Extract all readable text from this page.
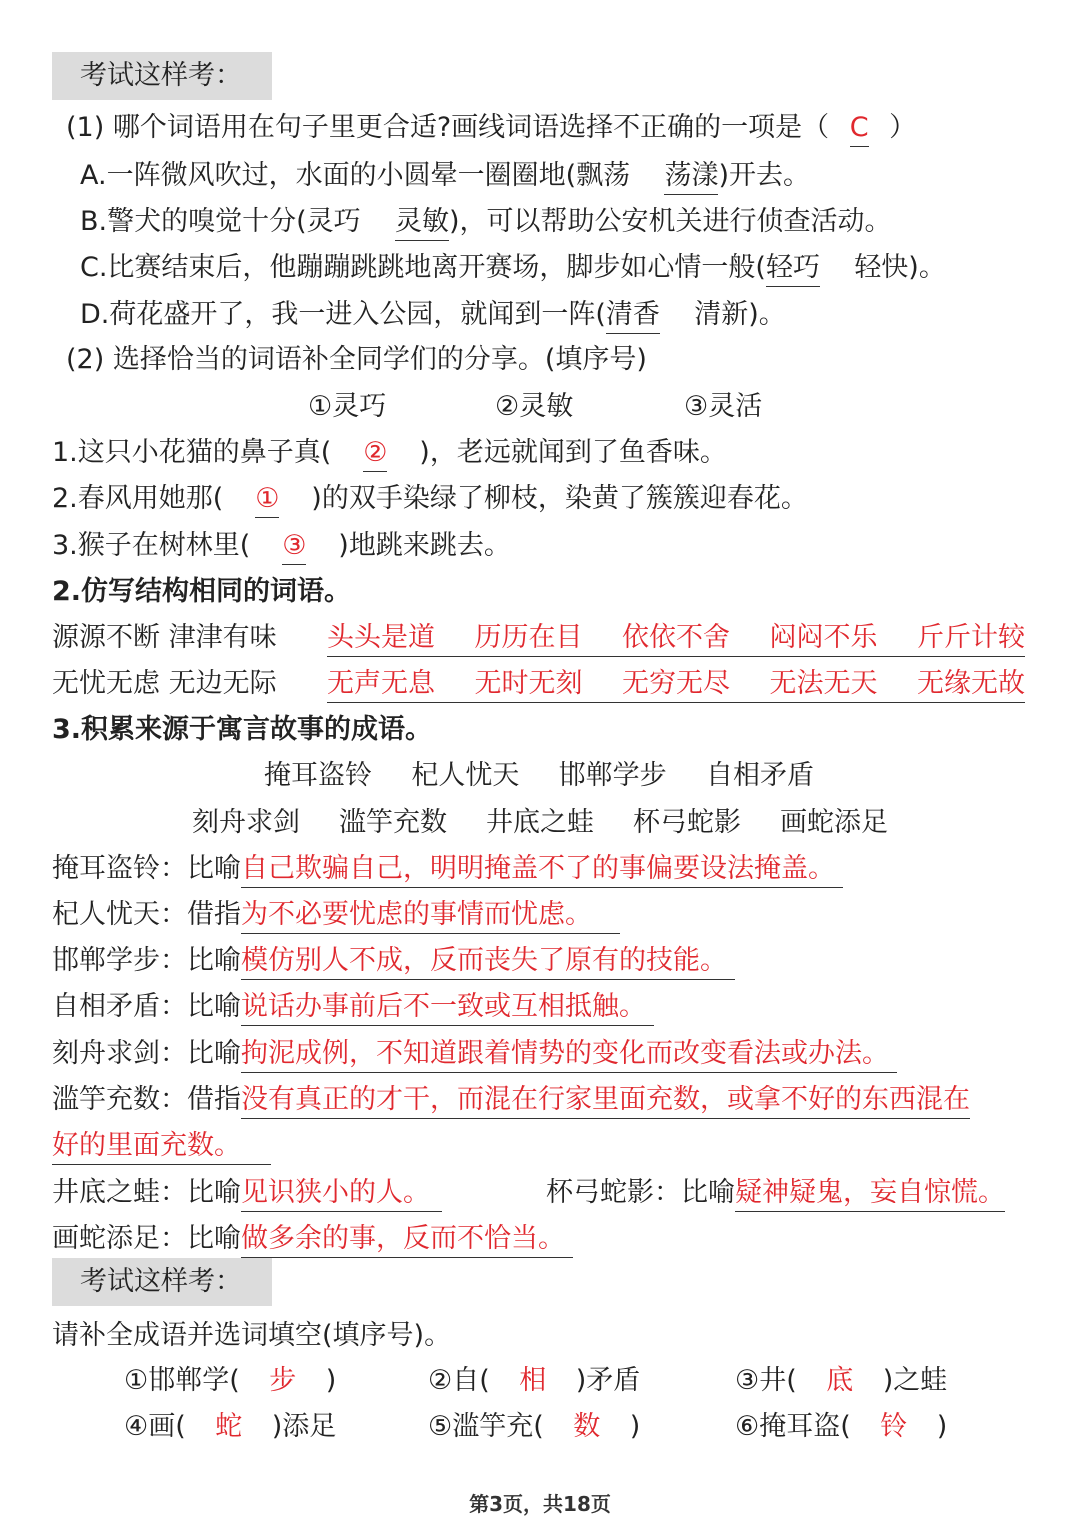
考试这样考：
(1) 哪个词语用在句子里更合适?画线词语选择不正确的一项是（ C ）
A.一阵微风吹过，水面的小圆晕一圈圈地(飘荡 荡漾)开去。
B.警犬的嗅觉十分(灵巧 灵敏)，可以帮助公安机关进行侦查活动。
C.比赛结束后，他蹦蹦跳跳地离开赛场，脚步如心情一般(轻巧 轻快)。
D.荷花盛开了，我一进入公园，就闻到一阵(清香 清新)。
(2) 选择恰当的词语补全同学们的分享。(填序号)
①灵巧	②灵敏	③灵活
1.这只小花猫的鼻子真( ② )，老远就闻到了鱼香味。
2.春风用她那( ① )的双手染绿了柳枝，染黄了簇簇迎春花。
3.猴子在树林里( ③ )地跳来跳去。
2.仿写结构相同的词语。
源源不断 津津有味 头头是道 历历在目 依依不舍 闷闷不乐 斤斤计较
无忧无虑 无边无际 无声无息 无时无刻 无穷无尽 无法无天 无缘无故
3.积累来源于寓言故事的成语。
掩耳盗铃 杞人忧天 邯郸学步 自相矛盾
刻舟求剑 滥竽充数 井底之蛙 杯弓蛇影 画蛇添足
掩耳盗铃：比喻自己欺骗自己，明明掩盖不了的事偏要设法掩盖。
杞人忧天：借指为不必要忧虑的事情而忧虑。
邯郸学步：比喻模仿别人不成，反而丧失了原有的技能。
自相矛盾：比喻说话办事前后不一致或互相抵触。
刻舟求剑：比喻拘泥成例，不知道跟着情势的变化而改变看法或办法。
滥竽充数：借指没有真正的才干，而混在行家里面充数，或拿不好的东西混在
好的里面充数。
井底之蛙：比喻见识狭小的人。	杯弓蛇影：比喻疑神疑鬼，妄自惊慌。
画蛇添足：比喻做多余的事，反而不恰当。
考试这样考：
请补全成语并选词填空(填序号)。
①邯郸学( 步 )	②自( 相 )矛盾	③井( 底 )之蛙
④画( 蛇 )添足	⑤滥竽充( 数 )	⑥掩耳盗( 铃 )
第3页，共18页
